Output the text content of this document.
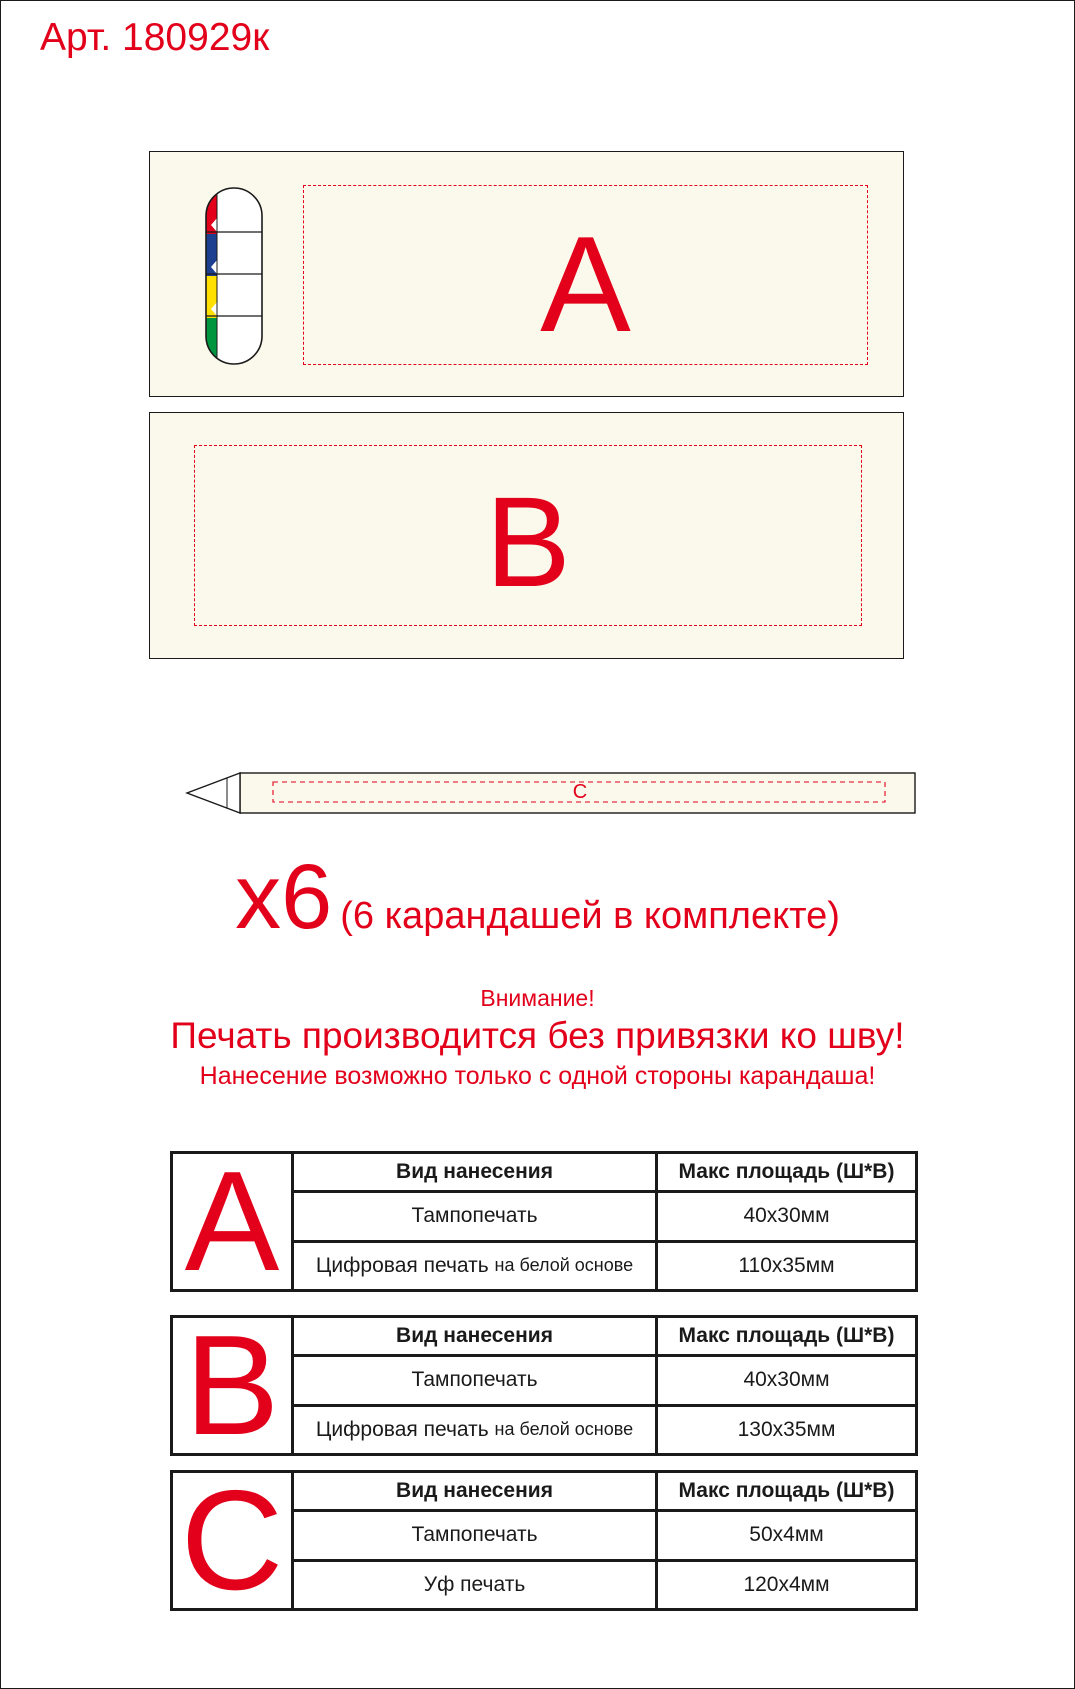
Арт. 180929к
A
B
C
x6 (6 карандашей в комплекте)
Внимание!
Печать производится без привязки ко шву!
Нанесение возможно только с одной стороны карандаша!
A	Вид нанесения	Макс площадь (Ш*В)
Тампопечать	40x30мм
Цифровая печать
на белой основе	110x35мм
B	Вид нанесения	Макс площадь (Ш*В)
Тампопечать	40x30мм
Цифровая печать
на белой основе	130x35мм
C	Вид нанесения	Макс площадь (Ш*В)
Тампопечать	50x4мм
Уф печать	120x4мм
